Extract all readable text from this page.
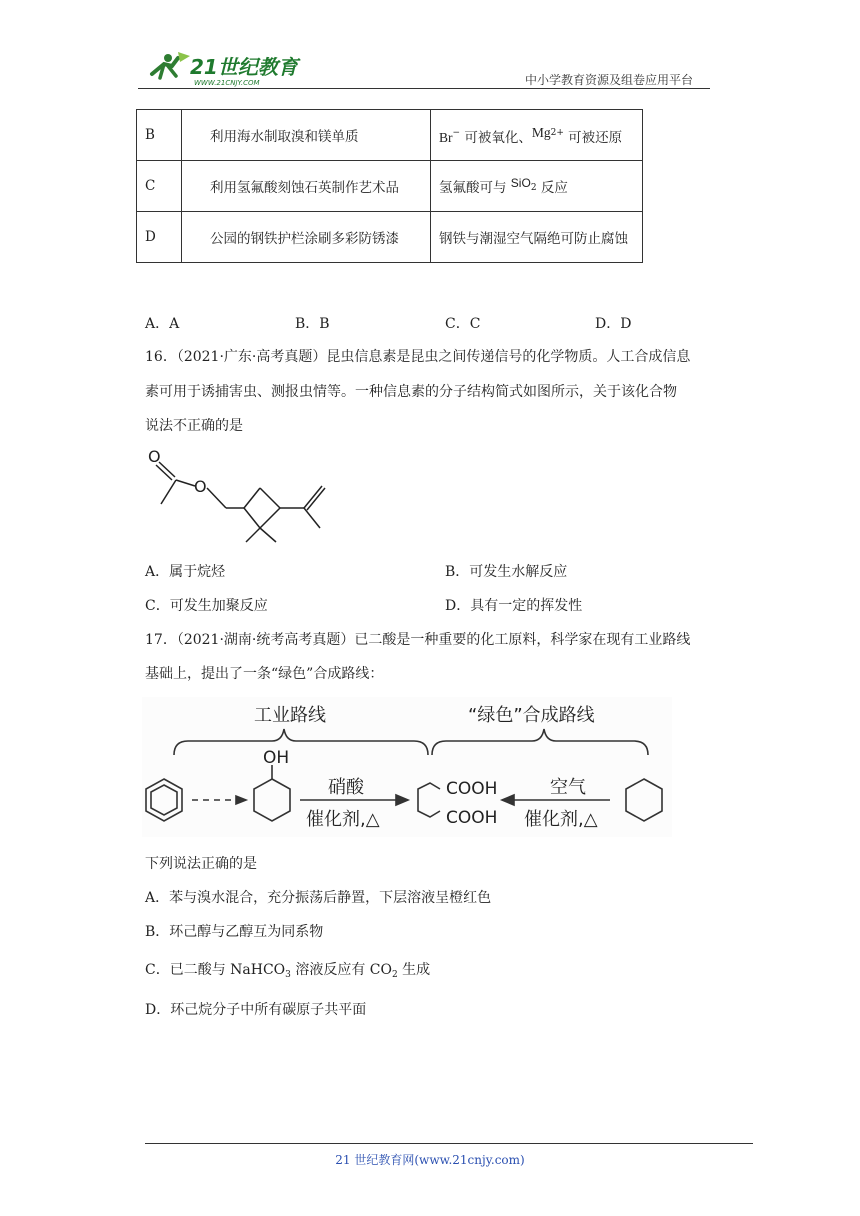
21世纪教育
WWW.21CNJY.COM	中小学教育资源及组卷应用平台
B	利用海水制取溴和镁单质	Br− 可被氧化、$Mg^{2+}$ 可被还原
C	利用氢氟酸刻蚀石英制作艺术品	氢氟酸可与 SiO$^2$ 反应
D	公园的钢铁护栏涂刷多彩防锈漆	钢铁与潮湿空气隔绝可防止腐蚀
A．A	B．B	C．C	D．D
16．（2021·广东·高考真题）昆虫信息素是昆虫之间传递信号的化学物质。人工合成信息
素可用于诱捕害虫、测报虫情等。一种信息素的分子结构简式如图所示，关于该化合物
说法不正确的是
O
O
A．属于烷烃	B．可发生水解反应
C．可发生加聚反应	D．具有一定的挥发性
17．（2021·湖南·统考高考真题）已二酸是一种重要的化工原料，科学家在现有工业路线
基础上，提出了一条“绿色”合成路线：
工业路线	“绿色”合成路线
OH
硝酸
催化剂,△
COOH
COOH
空气
催化剂,△
下列说法正确的是
A．苯与溴水混合，充分振荡后静置，下层溶液呈橙红色
B．环己醇与乙醇互为同系物
C．已二酸与 NaHCO$_3$ 溶液反应有 $CO_2$ 生成
D．环己烷分子中所有碳原子共平面
21 世纪教育网(www.21cnjy.com)
